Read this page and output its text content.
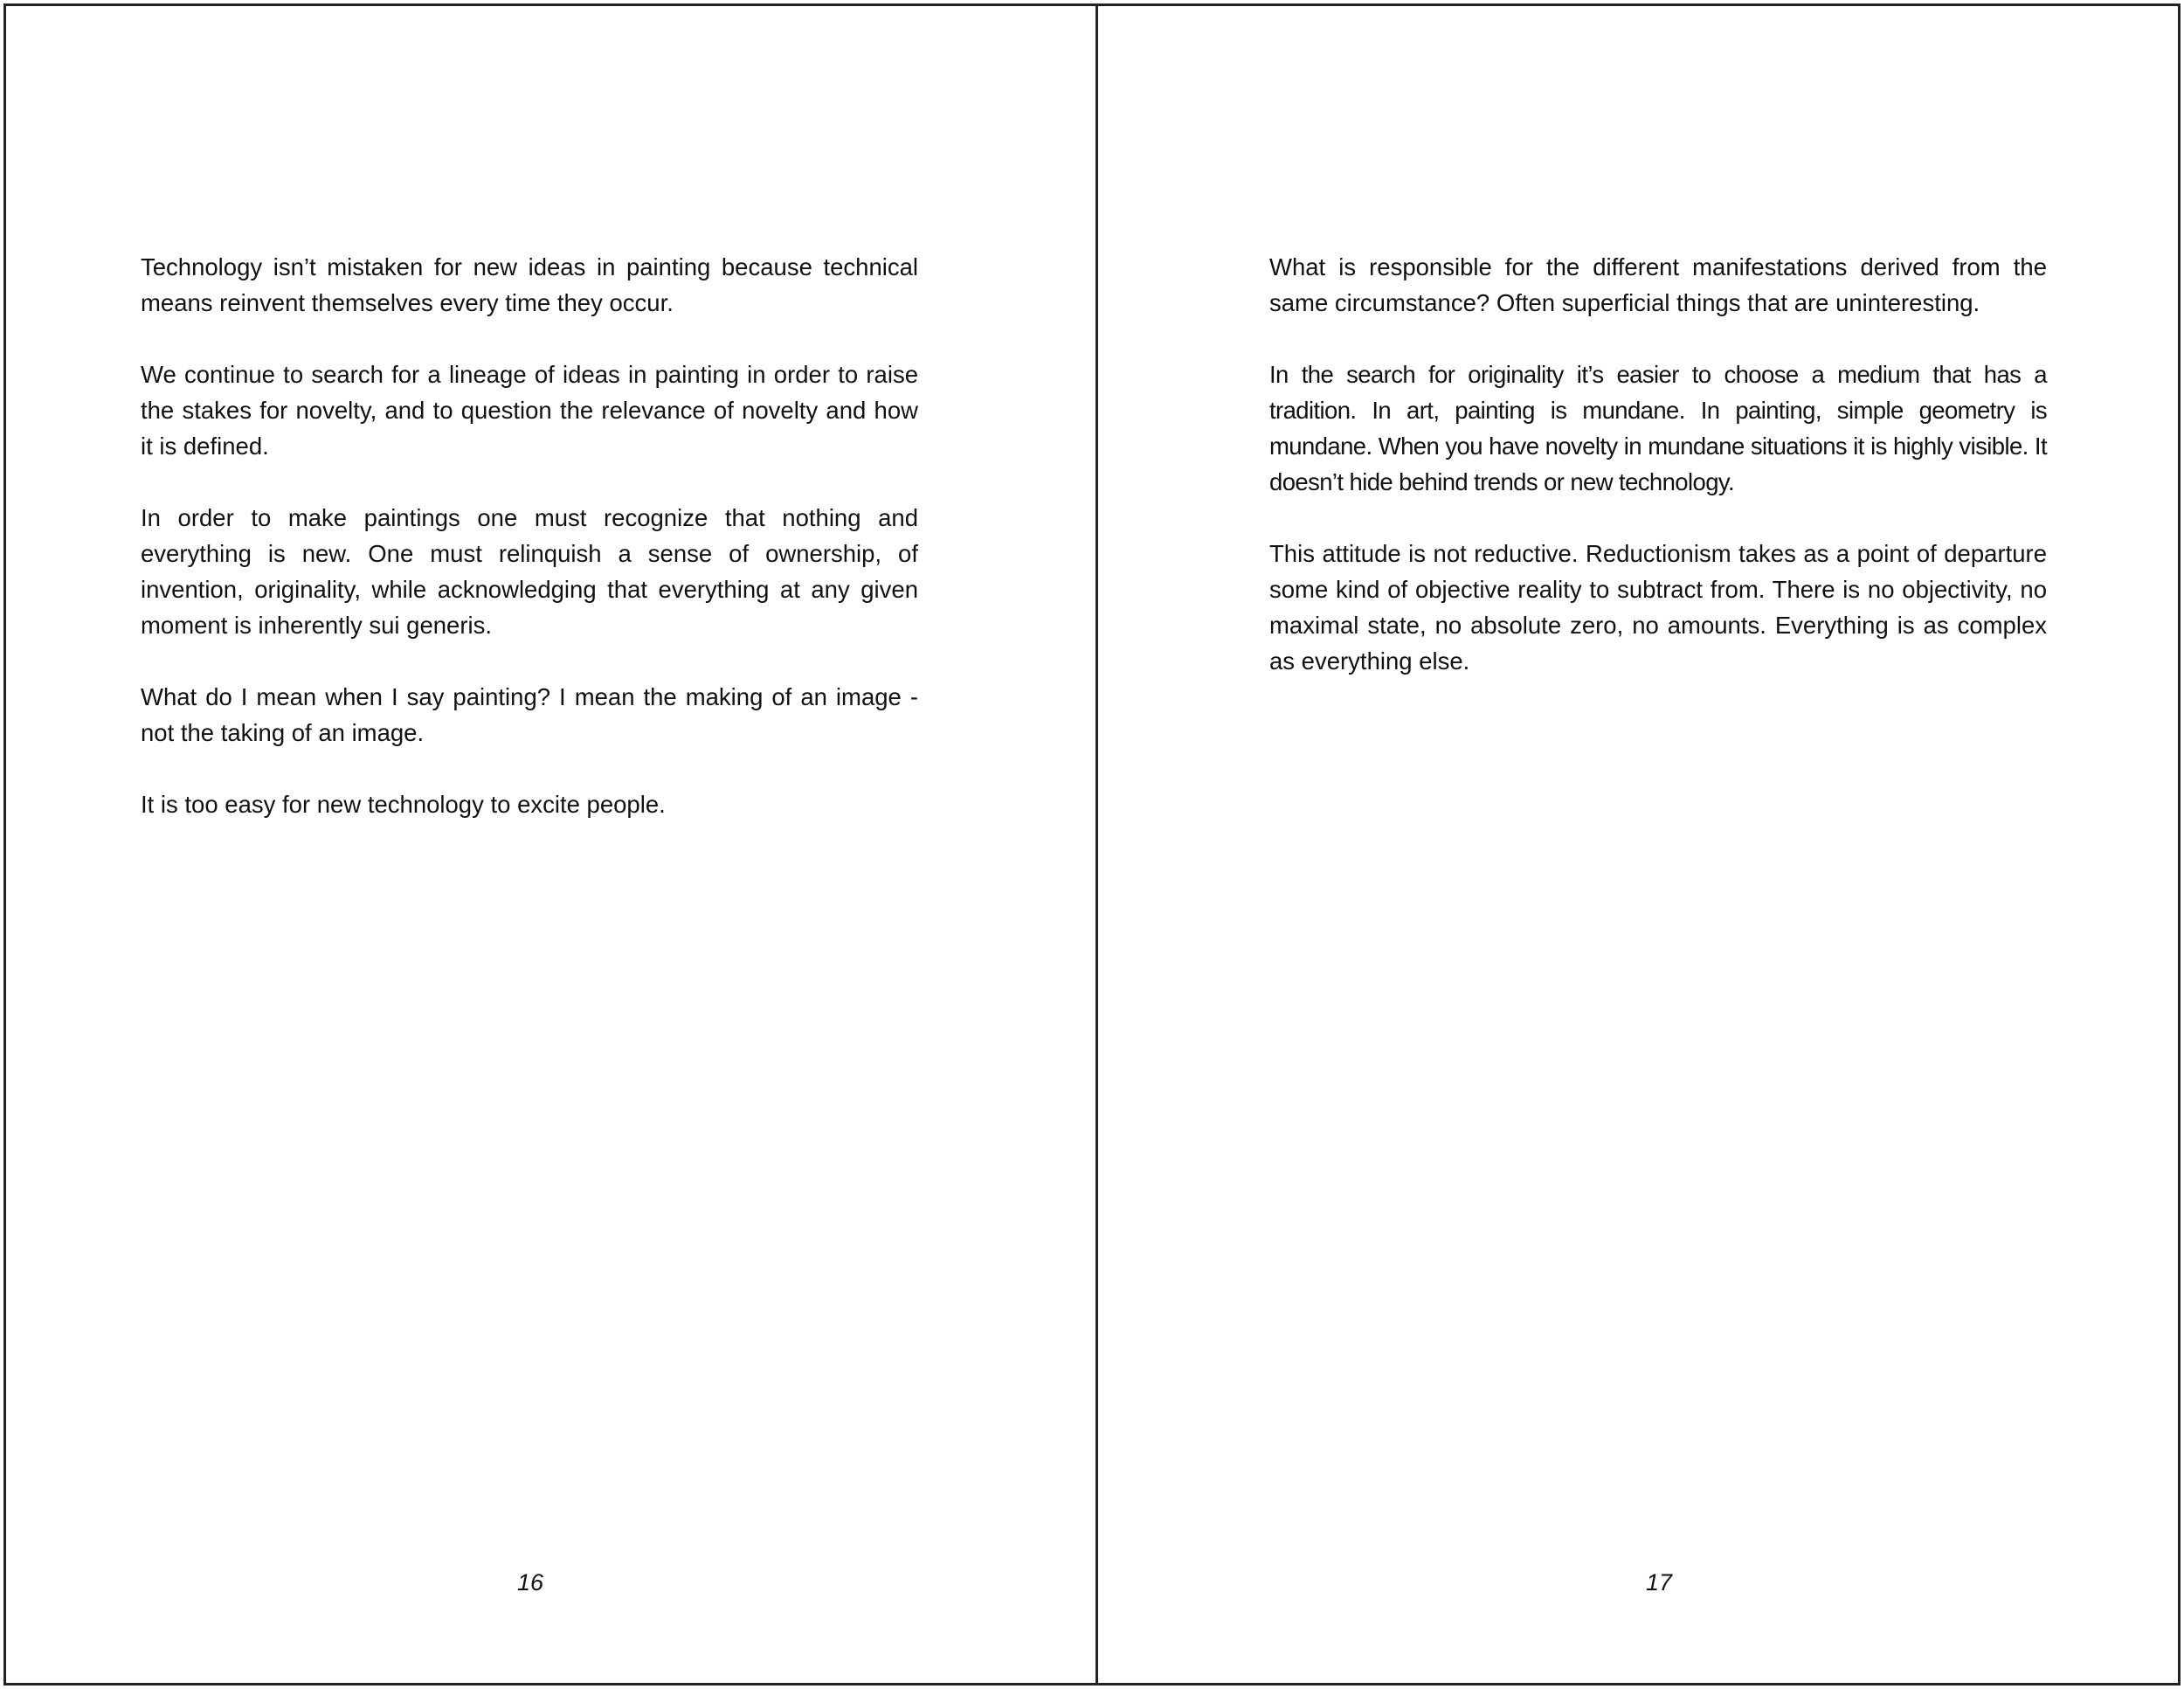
Technology isn’t mistaken for new ideas in painting because technical means reinvent themselves every time they occur.

We continue to search for a lineage of ideas in painting in order to raise the stakes for novelty, and to question the relevance of novelty and how it is defined.

In order to make paintings one must recognize that nothing and everything is new. One must relinquish a sense of ownership, of invention, originality, while acknowledging that everything at any given moment is inherently sui generis.

What do I mean when I say painting? I mean the making of an image - not the taking of an image.

It is too easy for new technology to excite people.

16

What is responsible for the different manifestations derived from the same circumstance? Often superficial things that are uninteresting.

In the search for originality it’s easier to choose a medium that has a tradition. In art, painting is mundane. In painting, simple geometry is mundane. When you have novelty in mundane situations it is highly visible. It doesn’t hide behind trends or new technology.

This attitude is not reductive. Reductionism takes as a point of departure some kind of objective reality to subtract from. There is no objectivity, no maximal state, no absolute zero, no amounts. Everything is as complex as everything else.

17
